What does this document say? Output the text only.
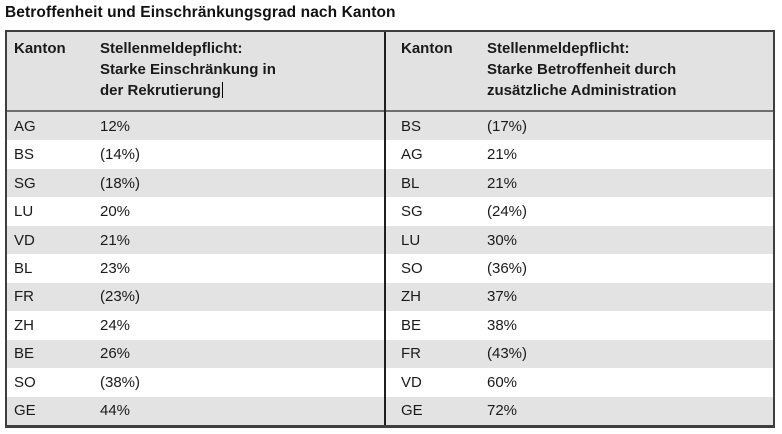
Betroffenheit und Einschränkungsgrad nach Kanton
Kanton	Stellenmeldepflicht:
Starke Einschränkung in
der Rekrutierung
AG	12%
BS	(14%)
SG	(18%)
LU	20%
VD	21%
BL	23%
FR	(23%)
ZH	24%
BE	26%
SO	(38%)
GE	44%
Kanton	Stellenmeldepflicht:
Starke Betroffenheit durch
zusätzliche Administration
BS	(17%)
AG	21%
BL	21%
SG	(24%)
LU	30%
SO	(36%)
ZH	37%
BE	38%
FR	(43%)
VD	60%
GE	72%
